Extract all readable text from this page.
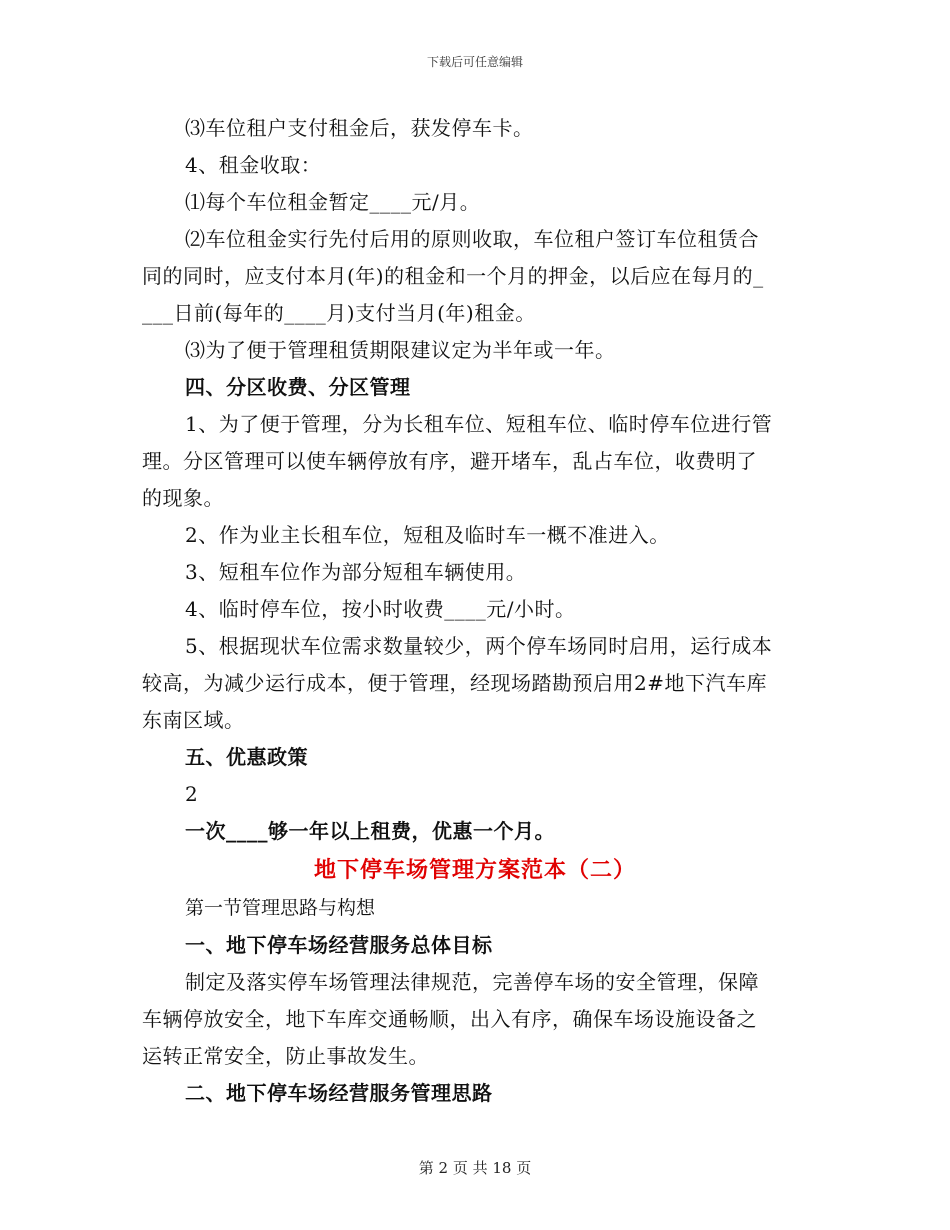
下载后可任意编辑

⑶车位租户支付租金后，获发停车卡。

4、租金收取：

⑴每个车位租金暂定____元/月。

⑵车位租金实行先付后用的原则收取，车位租户签订车位租赁合

同的同时，应支付本月(年)的租金和一个月的押金，以后应在每月的_

___日前(每年的____月)支付当月(年)租金。

⑶为了便于管理租赁期限建议定为半年或一年。

四、分区收费、分区管理

1、为了便于管理，分为长租车位、短租车位、临时停车位进行管

理。分区管理可以使车辆停放有序，避开堵车，乱占车位，收费明了

的现象。

2、作为业主长租车位，短租及临时车一概不准进入。

3、短租车位作为部分短租车辆使用。

4、临时停车位，按小时收费____元/小时。

5、根据现状车位需求数量较少，两个停车场同时启用，运行成本

较高，为减少运行成本，便于管理，经现场踏勘预启用2#地下汽车库

东南区域。

五、优惠政策

2

一次____够一年以上租费，优惠一个月。

地下停车场管理方案范本（二）

第一节管理思路与构想

一、地下停车场经营服务总体目标

制定及落实停车场管理法律规范，完善停车场的安全管理，保障

车辆停放安全，地下车库交通畅顺，出入有序，确保车场设施设备之

运转正常安全，防止事故发生。

二、地下停车场经营服务管理思路

第 2 页 共 18 页
